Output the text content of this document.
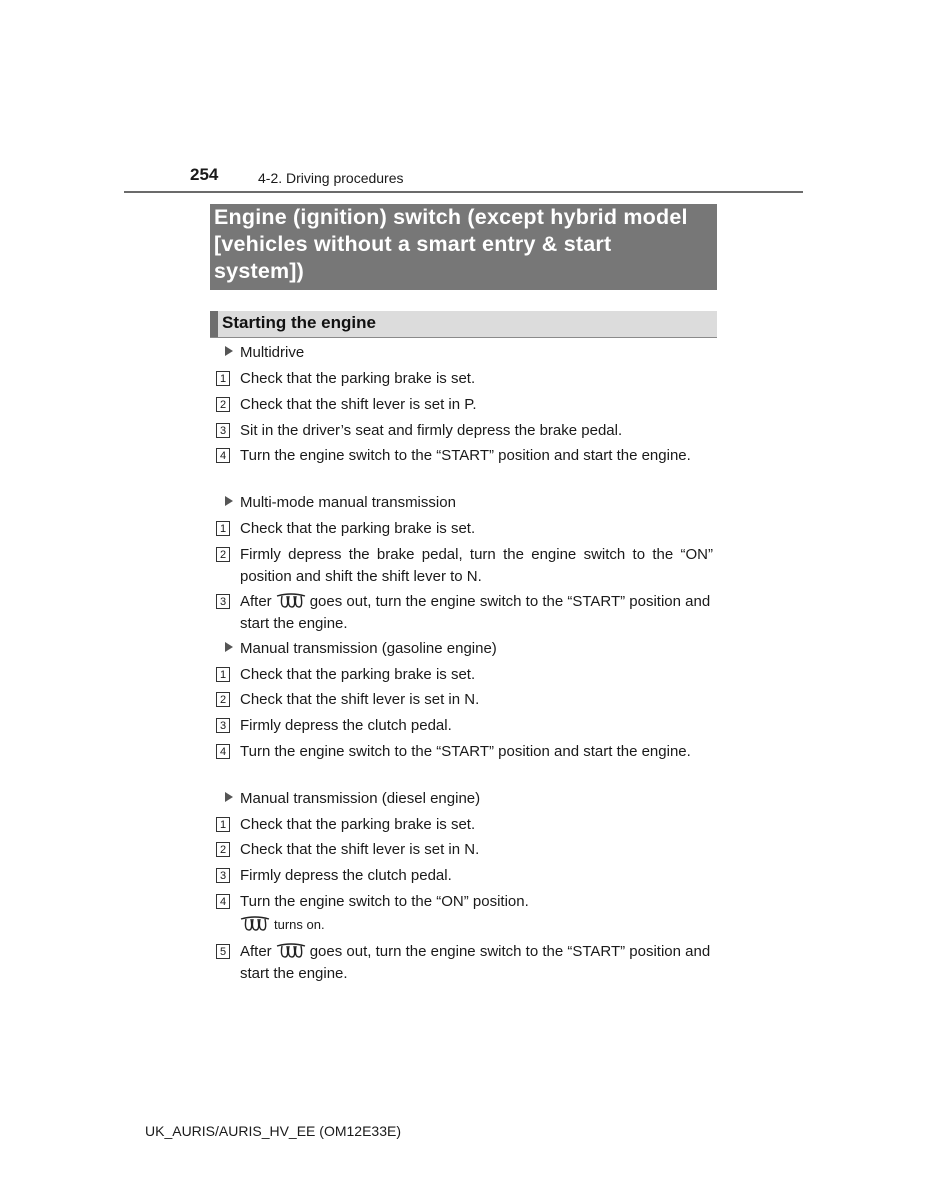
254	4-2. Driving procedures
Engine (ignition) switch (except hybrid model [vehicles without a smart entry & start system])
Starting the engine
Multidrive
1 Check that the parking brake is set.
2 Check that the shift lever is set in P.
3 Sit in the driver’s seat and firmly depress the brake pedal.
4 Turn the engine switch to the “START” position and start the engine.
Multi-mode manual transmission
1 Check that the parking brake is set.
2 Firmly depress the brake pedal, turn the engine switch to the “ON” position and shift the shift lever to N.
3 After	goes out, turn the engine switch to the “START” position and start the engine.
Manual transmission (gasoline engine)
1 Check that the parking brake is set.
2 Check that the shift lever is set in N.
3 Firmly depress the clutch pedal.
4 Turn the engine switch to the “START” position and start the engine.
Manual transmission (diesel engine)
1 Check that the parking brake is set.
2 Check that the shift lever is set in N.
3 Firmly depress the clutch pedal.
4 Turn the engine switch to the “ON” position.
turns on.
5 After	goes out, turn the engine switch to the “START” position and start the engine.
UK_AURIS/AURIS_HV_EE (OM12E33E)
